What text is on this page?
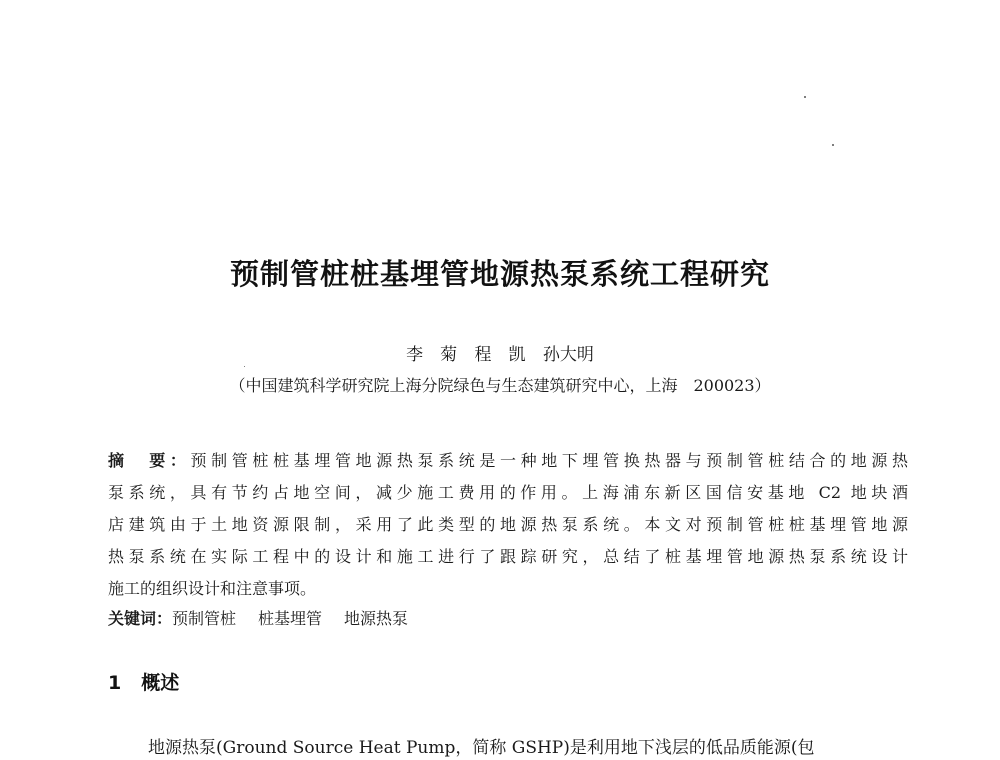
预制管桩桩基埋管地源热泵系统工程研究
李　菊 程　凯 孙大明
（中国建筑科学研究院上海分院绿色与生态建筑研究中心，上海　200023）
摘　要：预制管桩桩基埋管地源热泵系统是一种地下埋管换热器与预制管桩结合的地源热
泵系统，具有节约占地空间，减少施工费用的作用。上海浦东新区国信安基地 C2 地块酒
店建筑由于土地资源限制，采用了此类型的地源热泵系统。本文对预制管桩桩基埋管地源
热泵系统在实际工程中的设计和施工进行了跟踪研究，总结了桩基埋管地源热泵系统设计
施工的组织设计和注意事项。
关键词：预制管桩 桩基埋管 地源热泵
1 概述
地源热泵(Ground Source Heat Pump，简称 GSHP)是利用地下浅层的低品质能源(包
